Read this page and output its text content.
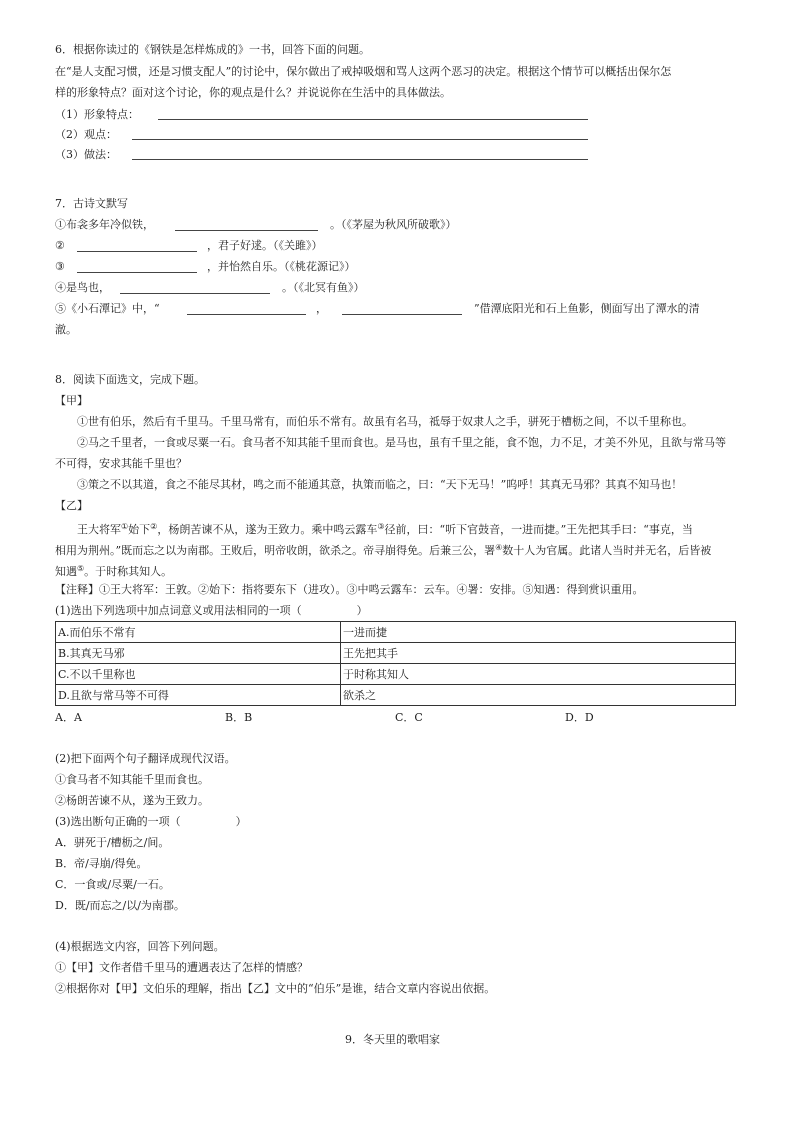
6．根据你读过的《钢铁是怎样炼成的》一书，回答下面的问题。
在“是人支配习惯，还是习惯支配人”的讨论中，保尔做出了戒掉吸烟和骂人这两个恶习的决定。根据这个情节可以概括出保尔怎
样的形象特点？面对这个讨论，你的观点是什么？并说说你在生活中的具体做法。
（1）形象特点：
（2）观点：
（3）做法：
7．古诗文默写
①布衾多年冷似铁，	。（《茅屋为秋风所破歌》）
②	，君子好逑。（《关雎》）
③	，并怡然自乐。（《桃花源记》）
④是鸟也，	。（《北冥有鱼》）
⑤《小石潭记》中，“	，	”借潭底阳光和石上鱼影，侧面写出了潭水的清
澈。
8．阅读下面选文，完成下题。
【甲】
①世有伯乐，然后有千里马。千里马常有，而伯乐不常有。故虽有名马，祗辱于奴隶人之手，骈死于槽枥之间，不以千里称也。
②马之千里者，一食或尽粟一石。食马者不知其能千里而食也。是马也，虽有千里之能，食不饱，力不足，才美不外见，且欲与常马等
不可得，安求其能千里也？
③策之不以其道，食之不能尽其材，鸣之而不能通其意，执策而临之，曰：“天下无马！”呜呼！其真无马邪？其真不知马也！
【乙】
王大将军①始下②，杨朗苦谏不从，遂为王致力。乘中鸣云露车③径前，曰：“听下官鼓音，一进而捷。”王先把其手曰：“事克，当
相用为荆州。”既而忘之以为南郡。王败后，明帝收朗，欲杀之。帝寻崩得免。后兼三公，署④数十人为官属。此诸人当时并无名，后皆被
知遇⑤。于时称其知人。
【注释】①王大将军：王敦。②始下：指将要东下（进攻）。③中鸣云露车：云车。④署：安排。⑤知遇：得到赏识重用。
(1)选出下列选项中加点词意义或用法相同的一项（　　　　　）
A.而伯乐不常有	一进而捷
B.其真无马邪	王先把其手
C.不以千里称也	于时称其知人
D.且欲与常马等不可得	欲杀之
A．A	B．B	C．C	D．D
(2)把下面两个句子翻译成现代汉语。
①食马者不知其能千里而食也。
②杨朗苦谏不从，遂为王致力。
(3)选出断句正确的一项（　　　　　）
A．骈死于/槽枥之/间。
B．帝/寻崩/得免。
C．一食或/尽粟/一石。
D．既/而忘之/以/为南郡。
(4)根据选文内容，回答下列问题。
①【甲】文作者借千里马的遭遇表达了怎样的情感？
②根据你对【甲】文伯乐的理解，指出【乙】文中的“伯乐”是谁，结合文章内容说出依据。
9．冬天里的歌唱家
